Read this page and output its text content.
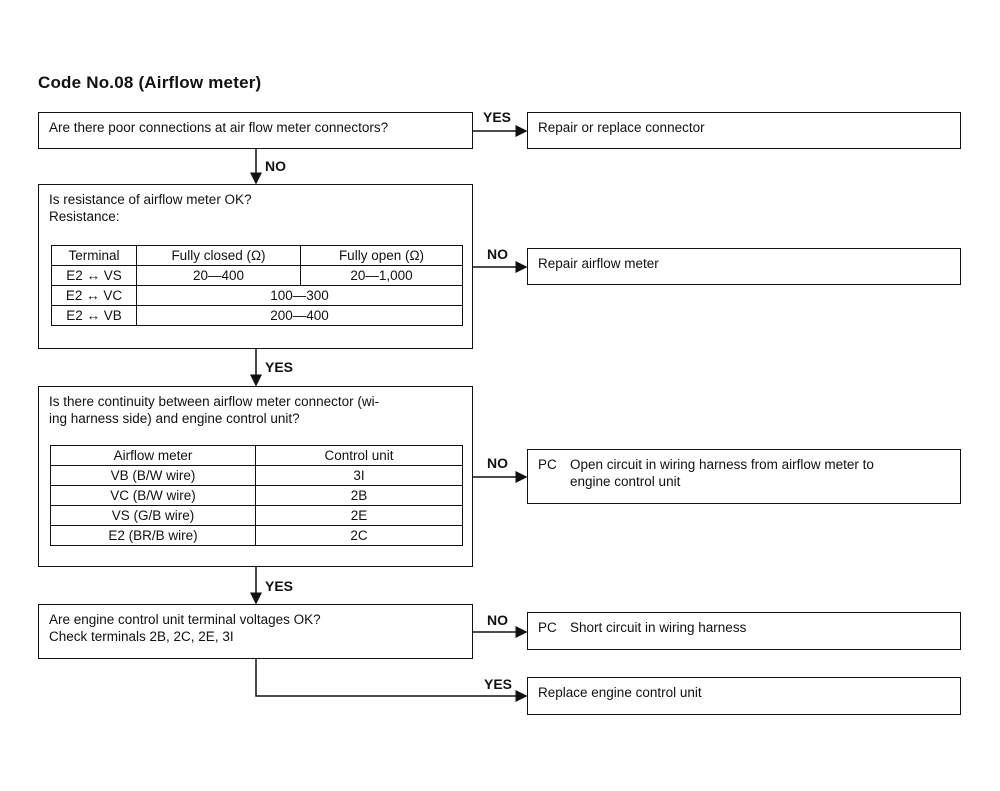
Code No.08 (Airflow meter)
Are there poor connections at air flow meter connectors?
YES
Repair or replace connector
NO
Is resistance of airflow meter OK?
Resistance:
Terminal	Fully closed (Ω)	Fully open (Ω)
E2 ↔ VS	20—400	20—1,000
E2 ↔ VC	100—300	
E2 ↔ VB	200—400	
NO
Repair airflow meter
YES
Is there continuity between airflow meter connector (wi-
ing harness side) and engine control unit?
Airflow meter	Control unit
VB (B/W wire)	3I
VC (B/W wire)	2B
VS (G/B wire)	2E
E2 (BR/B wire)	2C
NO PC Open circuit in wiring harness from airflow meter to
engine control unit
YES
Are engine control unit terminal voltages OK?
Check terminals 2B, 2C, 2E, 3I
NO PC Short circuit in wiring harness
YES
Replace engine control unit
